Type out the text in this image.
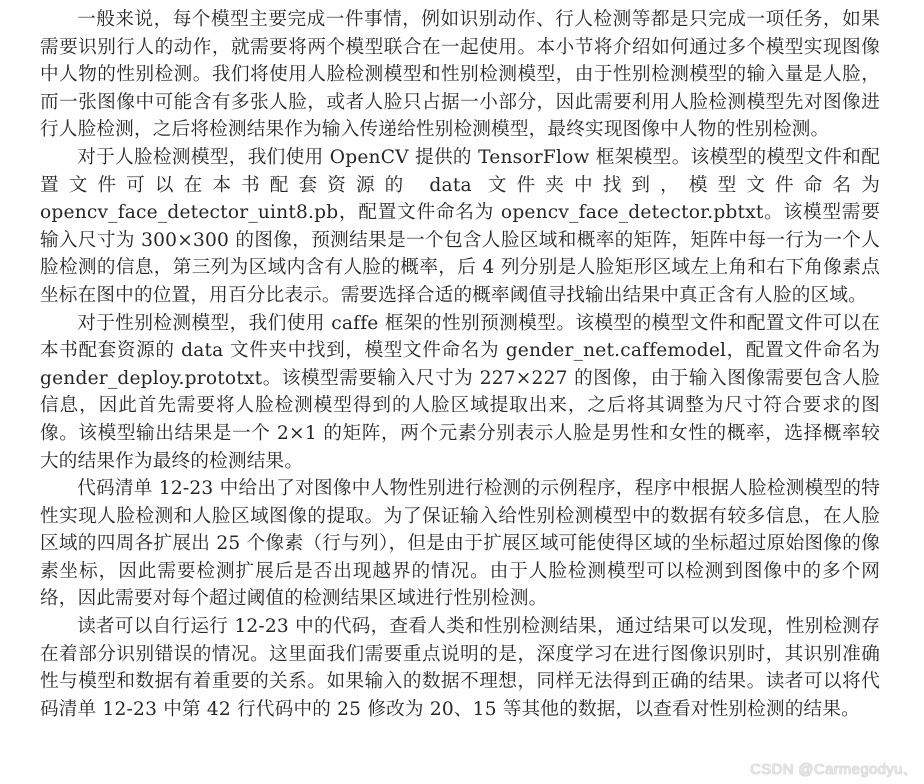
一般来说，每个模型主要完成一件事情，例如识别动作、行人检测等都是只完成一项任务，如果需要识别行人的动作，就需要将两个模型联合在一起使用。本小节将介绍如何通过多个模型实现图像中人物的性别检测。我们将使用人脸检测模型和性别检测模型，由于性别检测模型的输入量是人脸，而一张图像中可能含有多张人脸，或者人脸只占据一小部分，因此需要利用人脸检测模型先对图像进行人脸检测，之后将检测结果作为输入传递给性别检测模型，最终实现图像中人物的性别检测。

对于人脸检测模型，我们使用 OpenCV 提供的 TensorFlow 框架模型。该模型的模型文件和配置文件可以在本书配套资源的 data 文件夹中找到，模型文件命名为 opencv_face_detector_uint8.pb，配置文件命名为 opencv_face_detector.pbtxt。该模型需要输入尺寸为 300×300 的图像，预测结果是一个包含人脸区域和概率的矩阵，矩阵中每一行为一个人脸检测的信息，第三列为区域内含有人脸的概率，后 4 列分别是人脸矩形区域左上角和右下角像素点坐标在图中的位置，用百分比表示。需要选择合适的概率阈值寻找输出结果中真正含有人脸的区域。

对于性别检测模型，我们使用 caffe 框架的性别预测模型。该模型的模型文件和配置文件可以在本书配套资源的 data 文件夹中找到，模型文件命名为 gender_net.caffemodel，配置文件命名为 gender_deploy.prototxt。该模型需要输入尺寸为 227×227 的图像，由于输入图像需要包含人脸信息，因此首先需要将人脸检测模型得到的人脸区域提取出来，之后将其调整为尺寸符合要求的图像。该模型输出结果是一个 2×1 的矩阵，两个元素分别表示人脸是男性和女性的概率，选择概率较大的结果作为最终的检测结果。

代码清单 12-23 中给出了对图像中人物性别进行检测的示例程序，程序中根据人脸检测模型的特性实现人脸检测和人脸区域图像的提取。为了保证输入给性别检测模型中的数据有较多信息，在人脸区域的四周各扩展出 25 个像素（行与列），但是由于扩展区域可能使得区域的坐标超过原始图像的像素坐标，因此需要检测扩展后是否出现越界的情况。由于人脸检测模型可以检测到图像中的多个网络，因此需要对每个超过阈值的检测结果区域进行性别检测。

读者可以自行运行 12-23 中的代码，查看人类和性别检测结果，通过结果可以发现，性别检测存在着部分识别错误的情况。这里面我们需要重点说明的是，深度学习在进行图像识别时，其识别准确性与模型和数据有着重要的关系。如果输入的数据不理想，同样无法得到正确的结果。读者可以将代码清单 12-23 中第 42 行代码中的 25 修改为 20、15 等其他的数据，以查看对性别检测的结果。

CSDN @Carmegodyu、
